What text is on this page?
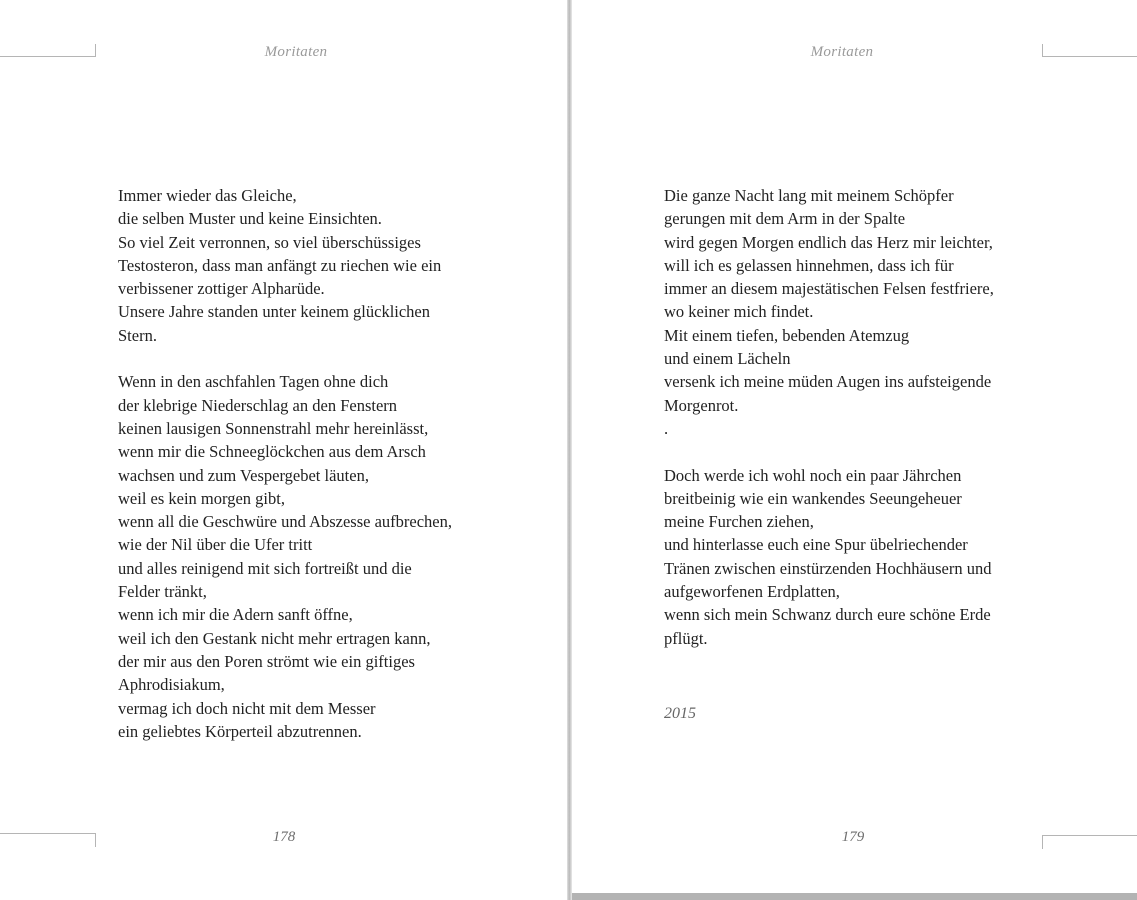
Moritaten
Immer wieder das Gleiche,
die selben Muster und keine Einsichten.
So viel Zeit verronnen, so viel überschüssiges
Testosteron, dass man anfängt zu riechen wie ein
verbissener zottiger Alpharüde.
Unsere Jahre standen unter keinem glücklichen
Stern.
Wenn in den aschfahlen Tagen ohne dich
der klebrige Niederschlag an den Fenstern
keinen lausigen Sonnenstrahl mehr hereinlässt,
wenn mir die Schneeglöckchen aus dem Arsch
wachsen und zum Vespergebet läuten,
weil es kein morgen gibt,
wenn all die Geschwüre und Abszesse aufbrechen,
wie der Nil über die Ufer tritt
und alles reinigend mit sich fortreißt und die
Felder tränkt,
wenn ich mir die Adern sanft öffne,
weil ich den Gestank nicht mehr ertragen kann,
der mir aus den Poren strömt wie ein giftiges
Aphrodisiakum,
vermag ich doch nicht mit dem Messer
ein geliebtes Körperteil abzutrennen.
178
Moritaten
Die ganze Nacht lang mit meinem Schöpfer
gerungen mit dem Arm in der Spalte
wird gegen Morgen endlich das Herz mir leichter,
will ich es gelassen hinnehmen, dass ich für
immer an diesem majestätischen Felsen festfriere,
wo keiner mich findet.
Mit einem tiefen, bebenden Atemzug
und einem Lächeln
versenk ich meine müden Augen ins aufsteigende
Morgenrot.
.
Doch werde ich wohl noch ein paar Jährchen
breitbeinig wie ein wankendes Seeungeheuer
meine Furchen ziehen,
und hinterlasse euch eine Spur übelriechender
Tränen zwischen einstürzenden Hochhäusern und
aufgeworfenen Erdplatten,
wenn sich mein Schwanz durch eure schöne Erde
pflügt.
2015
179
